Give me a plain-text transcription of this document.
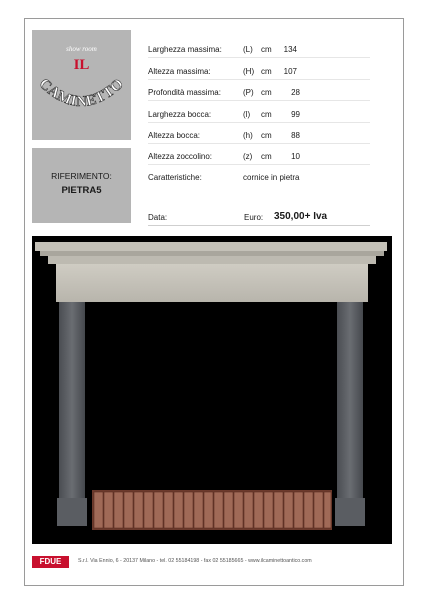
show room
IL
CAMINETTO
RIFERIMENTO:
PIETRA5
Larghezza massima:	(L) cm	134
Altezza massima:	(H) cm	107
Profondità massima:	(P) cm	28
Larghezza bocca:	(l) cm	99
Altezza bocca:	(h) cm	88
Altezza zoccolino:	(z) cm	10
Caratteristiche:	cornice in pietra
Data:	Euro: 350,00+ Iva
FDUE	S.r.l. Via Ennio, 6 - 20137 Milano - tel. 02 55184198 - fax 02 55185665 - www.ilcaminettoantico.com
